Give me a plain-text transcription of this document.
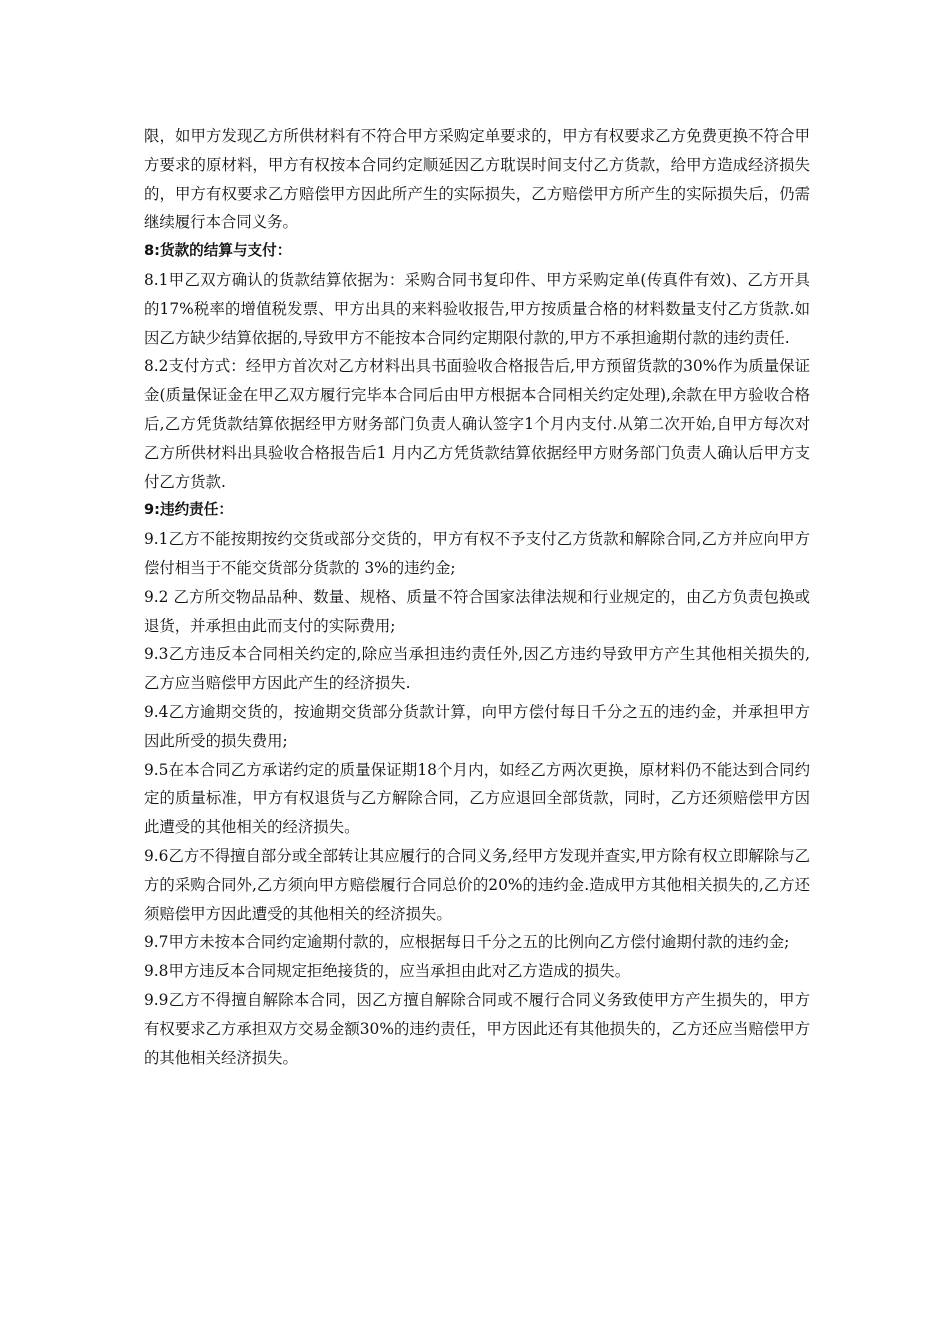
限，如甲方发现乙方所供材料有不符合甲方采购定单要求的，甲方有权要求乙方免费更换不符合甲方要求的原材料，甲方有权按本合同约定顺延因乙方耽误时间支付乙方货款，给甲方造成经济损失的，甲方有权要求乙方赔偿甲方因此所产生的实际损失，乙方赔偿甲方所产生的实际损失后，仍需继续履行本合同义务。

8:货款的结算与支付：

8.1甲乙双方确认的货款结算依据为：采购合同书复印件、甲方采购定单(传真件有效)、乙方开具的17%税率的增值税发票、甲方出具的来料验收报告,甲方按质量合格的材料数量支付乙方货款.如因乙方缺少结算依据的,导致甲方不能按本合同约定期限付款的,甲方不承担逾期付款的违约责任.

8.2支付方式：经甲方首次对乙方材料出具书面验收合格报告后,甲方预留货款的30%作为质量保证金(质量保证金在甲乙双方履行完毕本合同后由甲方根据本合同相关约定处理),余款在甲方验收合格后,乙方凭货款结算依据经甲方财务部门负责人确认签字1个月内支付.从第二次开始,自甲方每次对乙方所供材料出具验收合格报告后1 月内乙方凭货款结算依据经甲方财务部门负责人确认后甲方支付乙方货款.

9:违约责任：

9.1乙方不能按期按约交货或部分交货的，甲方有权不予支付乙方货款和解除合同,乙方并应向甲方偿付相当于不能交货部分货款的 3%的违约金;

9.2 乙方所交物品品种、数量、规格、质量不符合国家法律法规和行业规定的，由乙方负责包换或退货，并承担由此而支付的实际费用;

9.3乙方违反本合同相关约定的,除应当承担违约责任外,因乙方违约导致甲方产生其他相关损失的,乙方应当赔偿甲方因此产生的经济损失.

9.4乙方逾期交货的，按逾期交货部分货款计算，向甲方偿付每日千分之五的违约金，并承担甲方因此所受的损失费用;

9.5在本合同乙方承诺约定的质量保证期18个月内，如经乙方两次更换，原材料仍不能达到合同约定的质量标准，甲方有权退货与乙方解除合同，乙方应退回全部货款，同时，乙方还须赔偿甲方因此遭受的其他相关的经济损失。

9.6乙方不得擅自部分或全部转让其应履行的合同义务,经甲方发现并查实,甲方除有权立即解除与乙方的采购合同外,乙方须向甲方赔偿履行合同总价的20%的违约金.造成甲方其他相关损失的,乙方还须赔偿甲方因此遭受的其他相关的经济损失。

9.7甲方未按本合同约定逾期付款的，应根据每日千分之五的比例向乙方偿付逾期付款的违约金;

9.8甲方违反本合同规定拒绝接货的，应当承担由此对乙方造成的损失。

9.9乙方不得擅自解除本合同，因乙方擅自解除合同或不履行合同义务致使甲方产生损失的，甲方有权要求乙方承担双方交易金额30%的违约责任，甲方因此还有其他损失的，乙方还应当赔偿甲方的其他相关经济损失。
